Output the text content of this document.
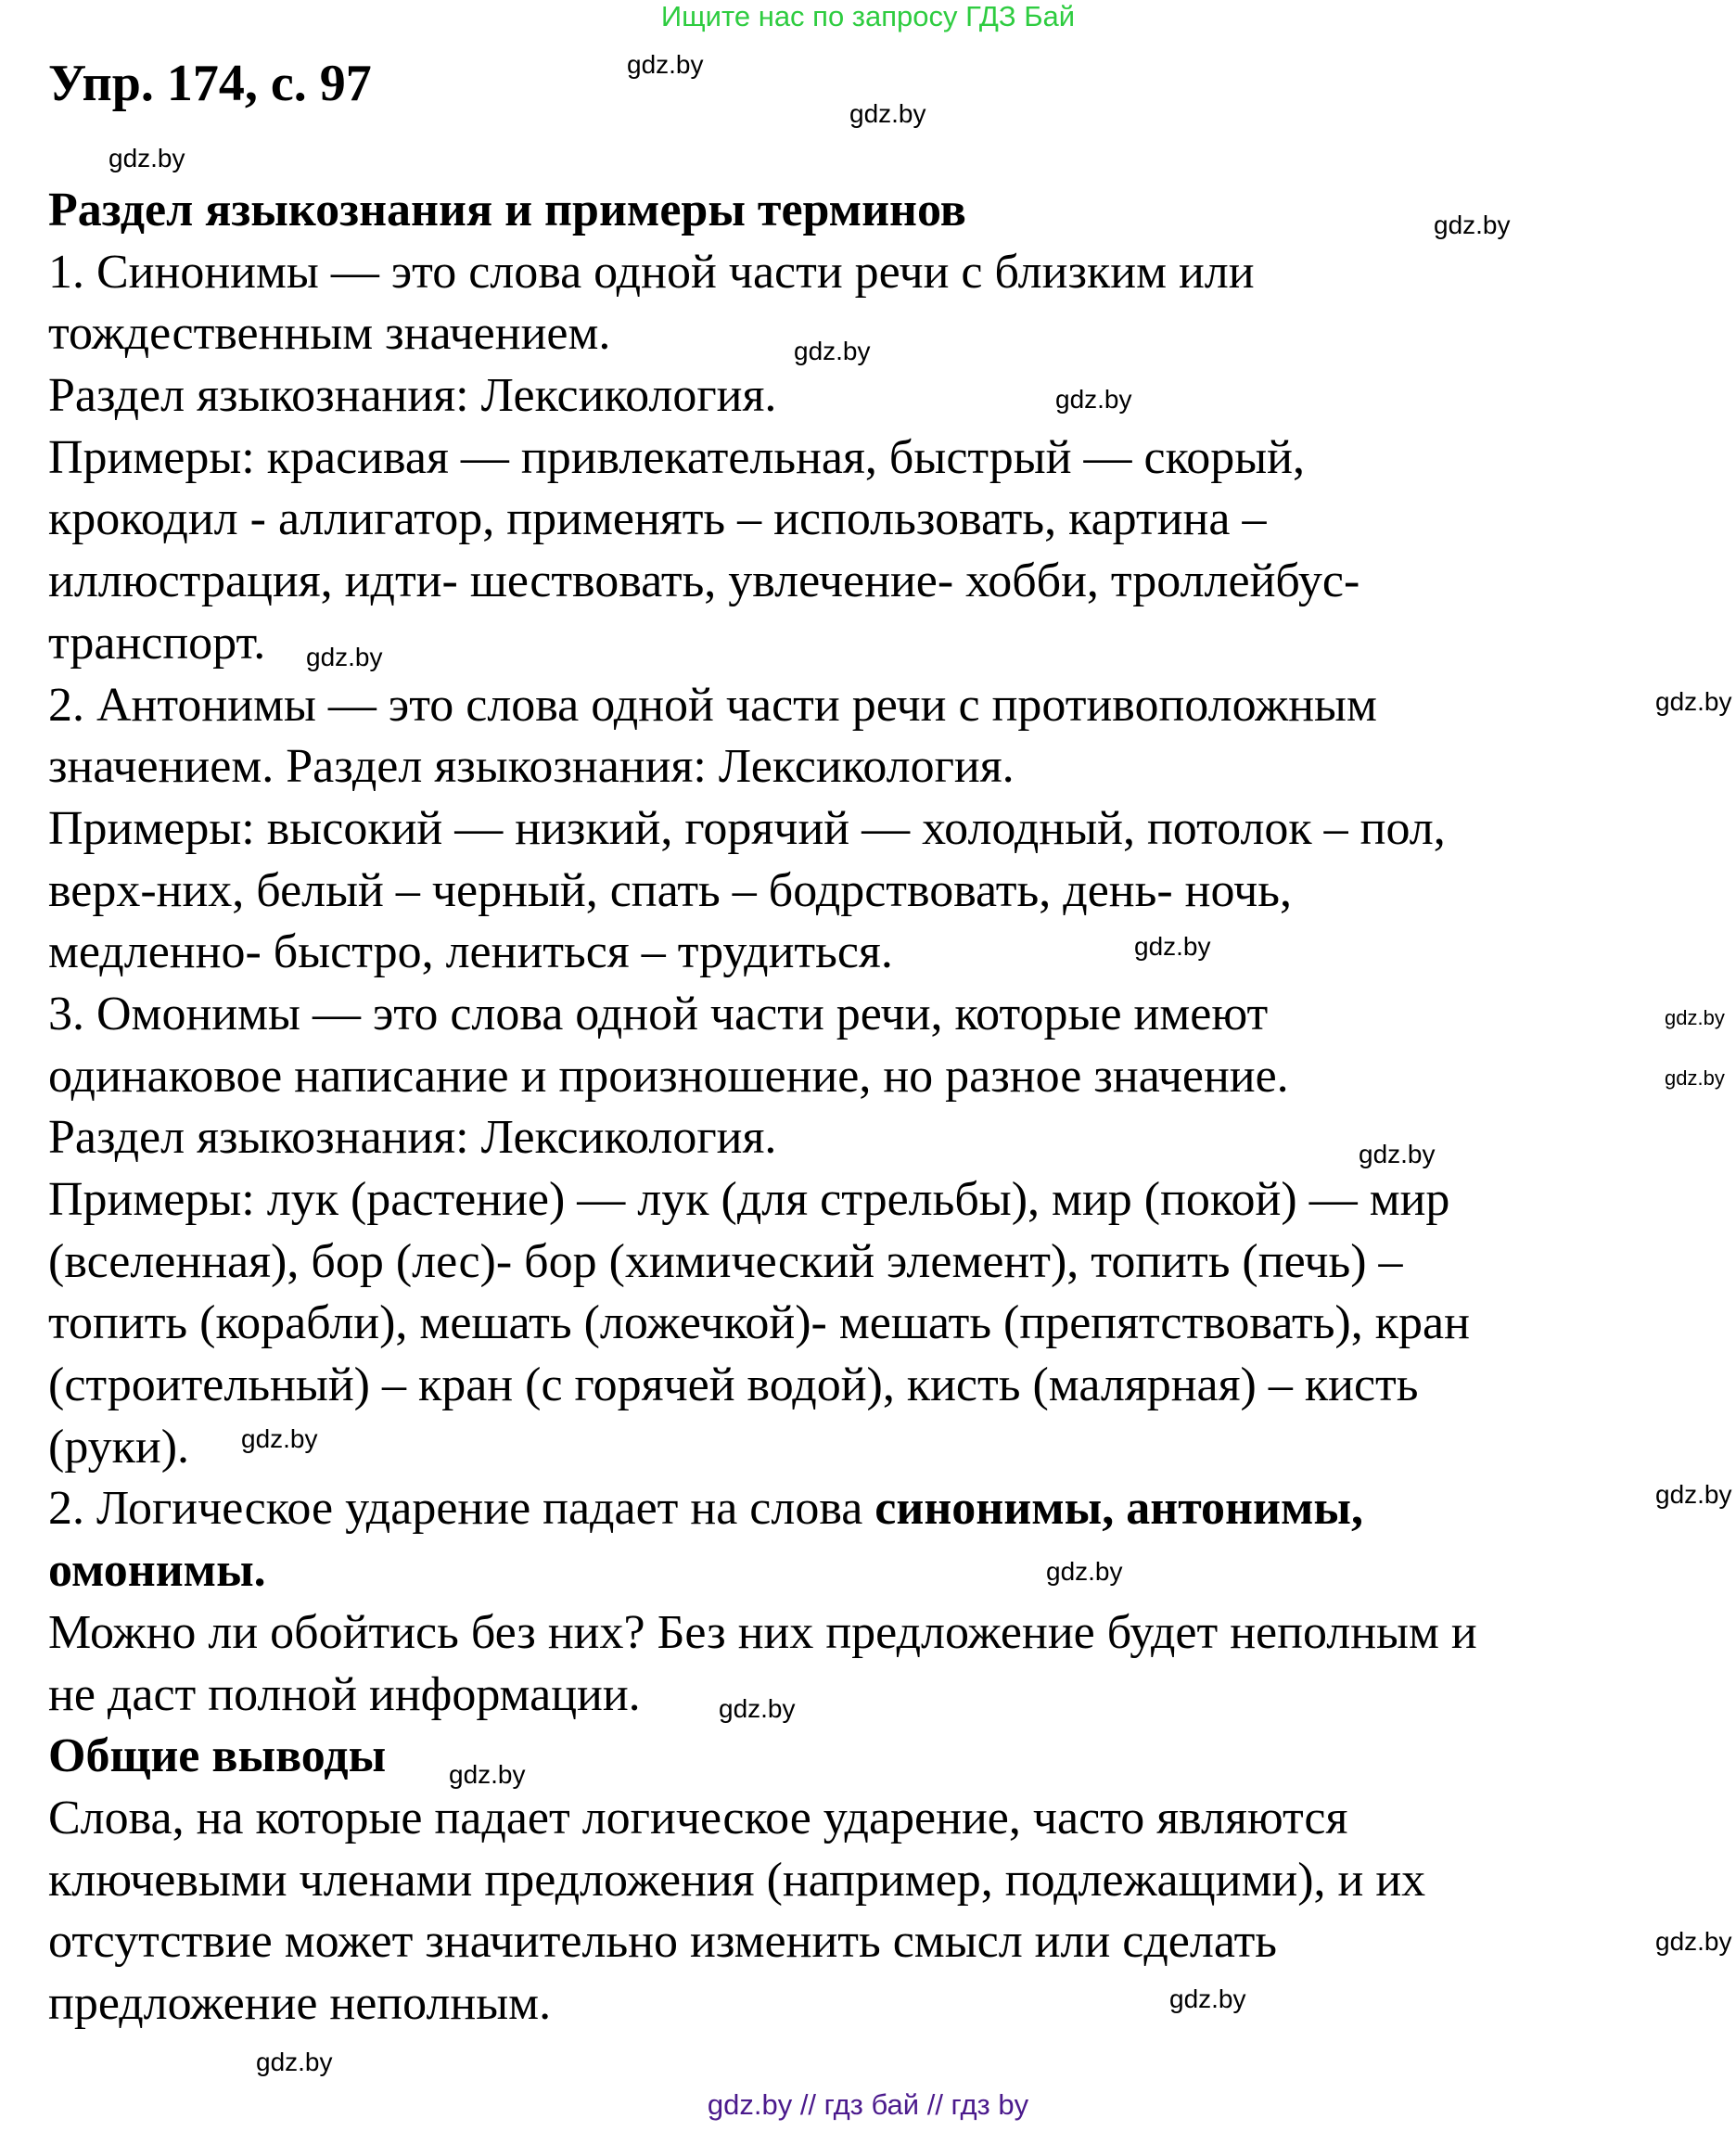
Ищите нас по запросу ГДЗ Бай
Упр. 174, с. 97
Раздел языкознания и примеры терминов
1. Синонимы — это слова одной части речи с близким или
тождественным значением.
Раздел языкознания: Лексикология.
Примеры: красивая — привлекательная, быстрый — скорый,
крокодил - аллигатор, применять – использовать, картина –
иллюстрация, идти- шествовать, увлечение- хобби, троллейбус-
транспорт.
2. Антонимы — это слова одной части речи с противоположным
значением. Раздел языкознания: Лексикология.
Примеры: высокий — низкий, горячий — холодный, потолок – пол,
верх-них, белый – черный, спать – бодрствовать, день- ночь,
медленно- быстро, лениться – трудиться.
3. Омонимы — это слова одной части речи, которые имеют
одинаковое написание и произношение, но разное значение.
Раздел языкознания: Лексикология.
Примеры: лук (растение) — лук (для стрельбы), мир (покой) — мир
(вселенная), бор (лес)- бор (химический элемент), топить (печь) –
топить (корабли), мешать (ложечкой)- мешать (препятствовать), кран
(строительный) – кран (с горячей водой), кисть (малярная) – кисть
(руки).
2. Логическое ударение падает на слова синонимы, антонимы,
омонимы.
Можно ли обойтись без них? Без них предложение будет неполным и
не даст полной информации.
Общие выводы
Слова, на которые падает логическое ударение, часто являются
ключевыми членами предложения (например, подлежащими), и их
отсутствие может значительно изменить смысл или сделать
предложение неполным.
gdz.by
gdz.by
gdz.by
gdz.by
gdz.by
gdz.by
gdz.by
gdz.by
gdz.by
gdz.by
gdz.by
gdz.by
gdz.by
gdz.by
gdz.by
gdz.by
gdz.by
gdz.by
gdz.by
gdz.by
gdz.by // гдз бай // гдз by
